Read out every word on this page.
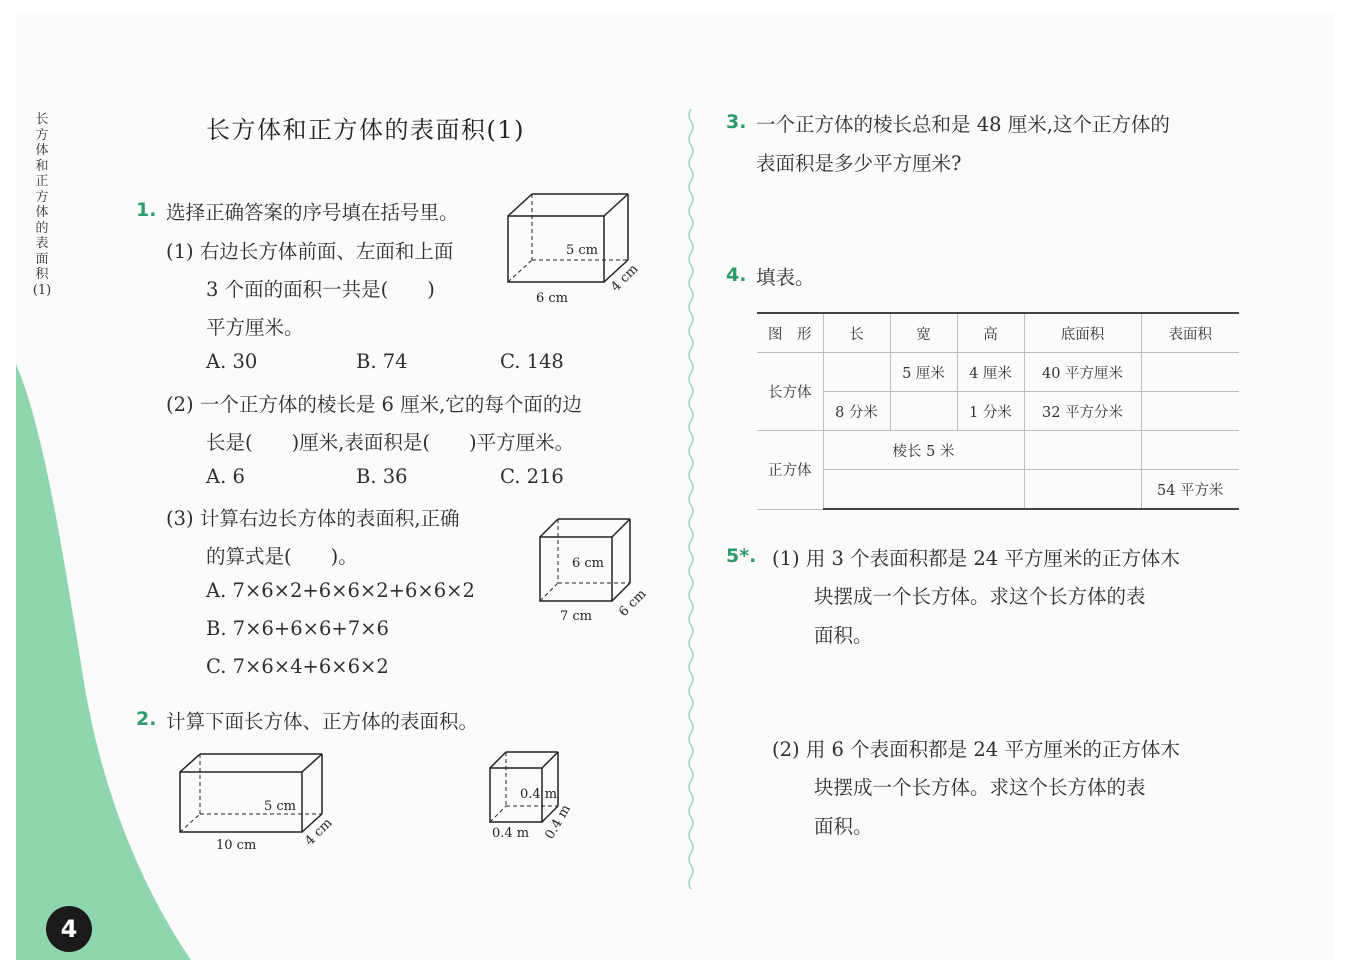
长方体和正方体的表面积(1)
4
长方体和正方体的表面积(1)
1. 选择正确答案的序号填在括号里。
(1) 右边长方体前面、左面和上面
3 个面的面积一共是(　　)
平方厘米。
A. 30	B. 74	C. 148
(2) 一个正方体的棱长是 6 厘米,它的每个面的边
长是(　　)厘米,表面积是(　　)平方厘米。
A. 6	B. 36	C. 216
(3) 计算右边长方体的表面积,正确
的算式是(　　)。
A. 7×6×2+6×6×2+6×6×2
B. 7×6+6×6+7×6
C. 7×6×4+6×6×2
5 cm
6 cm
4 cm
6 cm
7 cm 6 cm
2. 计算下面长方体、正方体的表面积。
5 cm
10 cm	4 cm
0.4 m
0.4 m 0.4 m
3. 一个正方体的棱长总和是 48 厘米,这个正方体的
表面积是多少平方厘米?
4. 填表。
图　形	长	宽	高	底面积	表面积
长方体		5 厘米	4 厘米	40 平方厘米	
	8 分米		1 分米	32 平方分米	
正方体	棱长 5 米				
					54 平方米
5*. (1) 用 3 个表面积都是 24 平方厘米的正方体木
块摆成一个长方体。求这个长方体的表
面积。
(2) 用 6 个表面积都是 24 平方厘米的正方体木
块摆成一个长方体。求这个长方体的表
面积。
